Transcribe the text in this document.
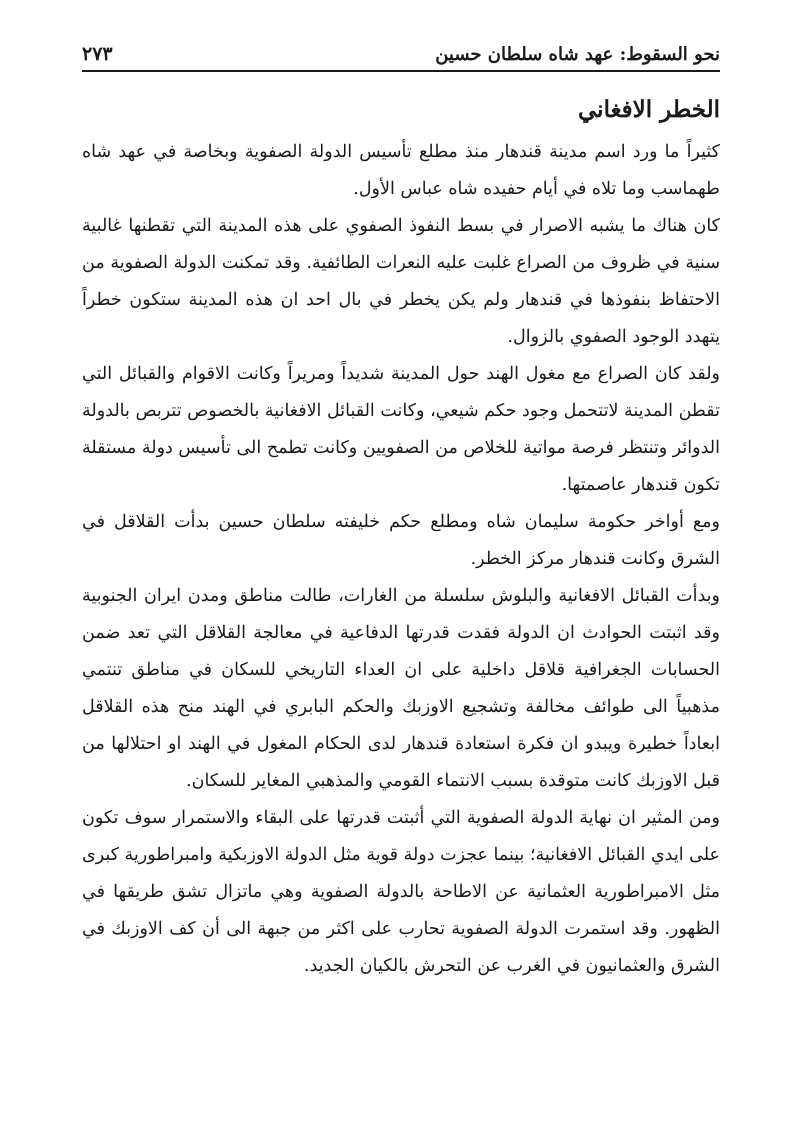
نحو السقوط: عهد شاه سلطان حسين
٢٧٣
الخطر الافغاني

كثيراً ما ورد اسم مدينة قندهار منذ مطلع تأسيس الدولة الصفوية وبخاصة في عهد شاه طهماسب وما تلاه في أيام حفيده شاه عباس الأول.

كان هناك ما يشبه الاصرار في بسط النفوذ الصفوي على هذه المدينة التي تقطنها غالبية سنية في ظروف من الصراع غلبت عليه النعرات الطائفية. وقد تمكنت الدولة الصفوية من الاحتفاظ بنفوذها في قندهار ولم يكن يخطر في بال احد ان هذه المدينة ستكون خطراً يتهدد الوجود الصفوي بالزوال.

ولقد كان الصراع مع مغول الهند حول المدينة شديداً ومريراً وكانت الاقوام والقبائل التي تقطن المدينة لاتتحمل وجود حكم شيعي، وكانت القبائل الافغانية بالخصوص تتربص بالدولة الدوائر وتنتظر فرصة مواتية للخلاص من الصفويين وكانت تطمح الى تأسيس دولة مستقلة تكون قندهار عاصمتها.

ومع أواخر حكومة سليمان شاه ومطلع حكم خليفته سلطان حسين بدأت القلاقل في الشرق وكانت قندهار مركز الخطر.

وبدأت القبائل الافغانية والبلوش سلسلة من الغارات، طالت مناطق ومدن ايران الجنوبية وقد اثبتت الحوادث ان الدولة فقدت قدرتها الدفاعية في معالجة القلاقل التي تعد ضمن الحسابات الجغرافية قلاقل داخلية على ان العداء التاريخي للسكان في مناطق تنتمي مذهبياً الى طوائف مخالفة وتشجيع الاوزبك والحكم البابري في الهند منح هذه القلاقل ابعاداً خطيرة ويبدو ان فكرة استعادة قندهار لدى الحكام المغول في الهند او احتلالها من قبل الاوزبك كانت متوقدة بسبب الانتماء القومي والمذهبي المغاير للسكان.

ومن المثير ان نهاية الدولة الصفوية التي أثبتت قدرتها على البقاء والاستمرار سوف تكون على ايدي القبائل الافغانية؛ بينما عجزت دولة قوية مثل الدولة الاوزبكية وامبراطورية كبرى مثل الامبراطورية العثمانية عن الاطاحة بالدولة الصفوية وهي ماتزال تشق طريقها في الظهور. وقد استمرت الدولة الصفوية تحارب على اكثر من جبهة الى أن كف الاوزبك في الشرق والعثمانيون في الغرب عن التحرش بالكيان الجديد.
